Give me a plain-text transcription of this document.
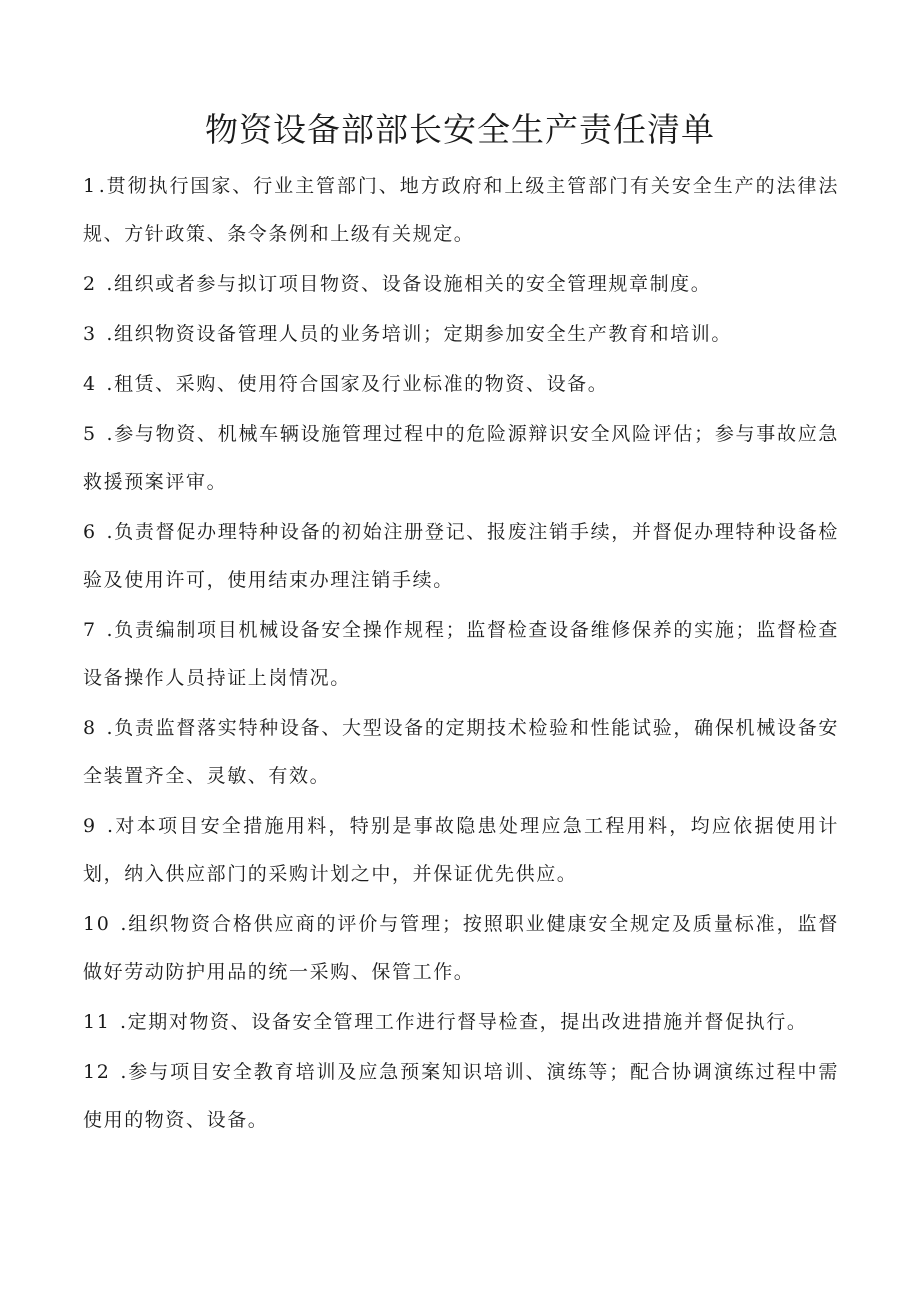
物资设备部部长安全生产责任清单
1 .贯彻执行国家、行业主管部门、地方政府和上级主管部门有关安全生产的法律法规、方针政策、条令条例和上级有关规定。
2 .组织或者参与拟订项目物资、设备设施相关的安全管理规章制度。
3 .组织物资设备管理人员的业务培训；定期参加安全生产教育和培训。
4 .租赁、采购、使用符合国家及行业标准的物资、设备。
5 .参与物资、机械车辆设施管理过程中的危险源辩识安全风险评估；参与事故应急救援预案评审。
6 .负责督促办理特种设备的初始注册登记、报废注销手续，并督促办理特种设备检验及使用许可，使用结束办理注销手续。
7 .负责编制项目机械设备安全操作规程；监督检查设备维修保养的实施；监督检查设备操作人员持证上岗情况。
8 .负责监督落实特种设备、大型设备的定期技术检验和性能试验，确保机械设备安全装置齐全、灵敏、有效。
9 .对本项目安全措施用料，特别是事故隐患处理应急工程用料，均应依据使用计划，纳入供应部门的采购计划之中，并保证优先供应。
10 .组织物资合格供应商的评价与管理；按照职业健康安全规定及质量标准，监督做好劳动防护用品的统一采购、保管工作。
11 .定期对物资、设备安全管理工作进行督导检查，提出改进措施并督促执行。
12 .参与项目安全教育培训及应急预案知识培训、演练等；配合协调演练过程中需使用的物资、设备。
